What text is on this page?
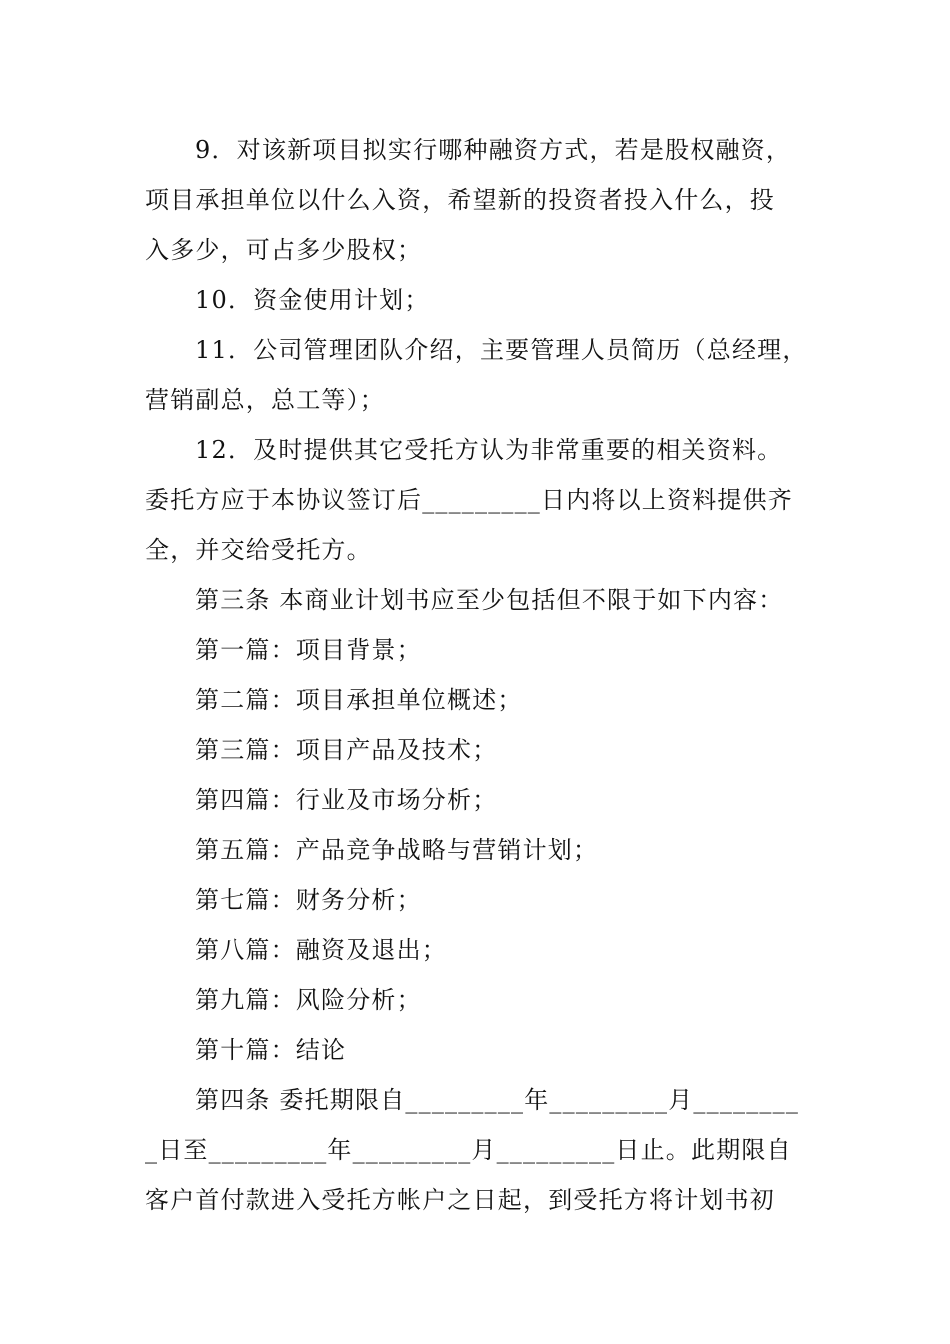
9．对该新项目拟实行哪种融资方式，若是股权融资，
项目承担单位以什么入资，希望新的投资者投入什么，投
入多少，可占多少股权；
10．资金使用计划；
11．公司管理团队介绍，主要管理人员简历（总经理，
营销副总，总工等）；
12．及时提供其它受托方认为非常重要的相关资料。
委托方应于本协议签订后_________日内将以上资料提供齐
全，并交给受托方。
第三条 本商业计划书应至少包括但不限于如下内容：
第一篇：项目背景；
第二篇：项目承担单位概述；
第三篇：项目产品及技术；
第四篇：行业及市场分析；
第五篇：产品竞争战略与营销计划；
第七篇：财务分析；
第八篇：融资及退出；
第九篇：风险分析；
第十篇：结论
第四条 委托期限自_________年_________月________
_日至_________年_________月_________日止。此期限自
客户首付款进入受托方帐户之日起，到受托方将计划书初
